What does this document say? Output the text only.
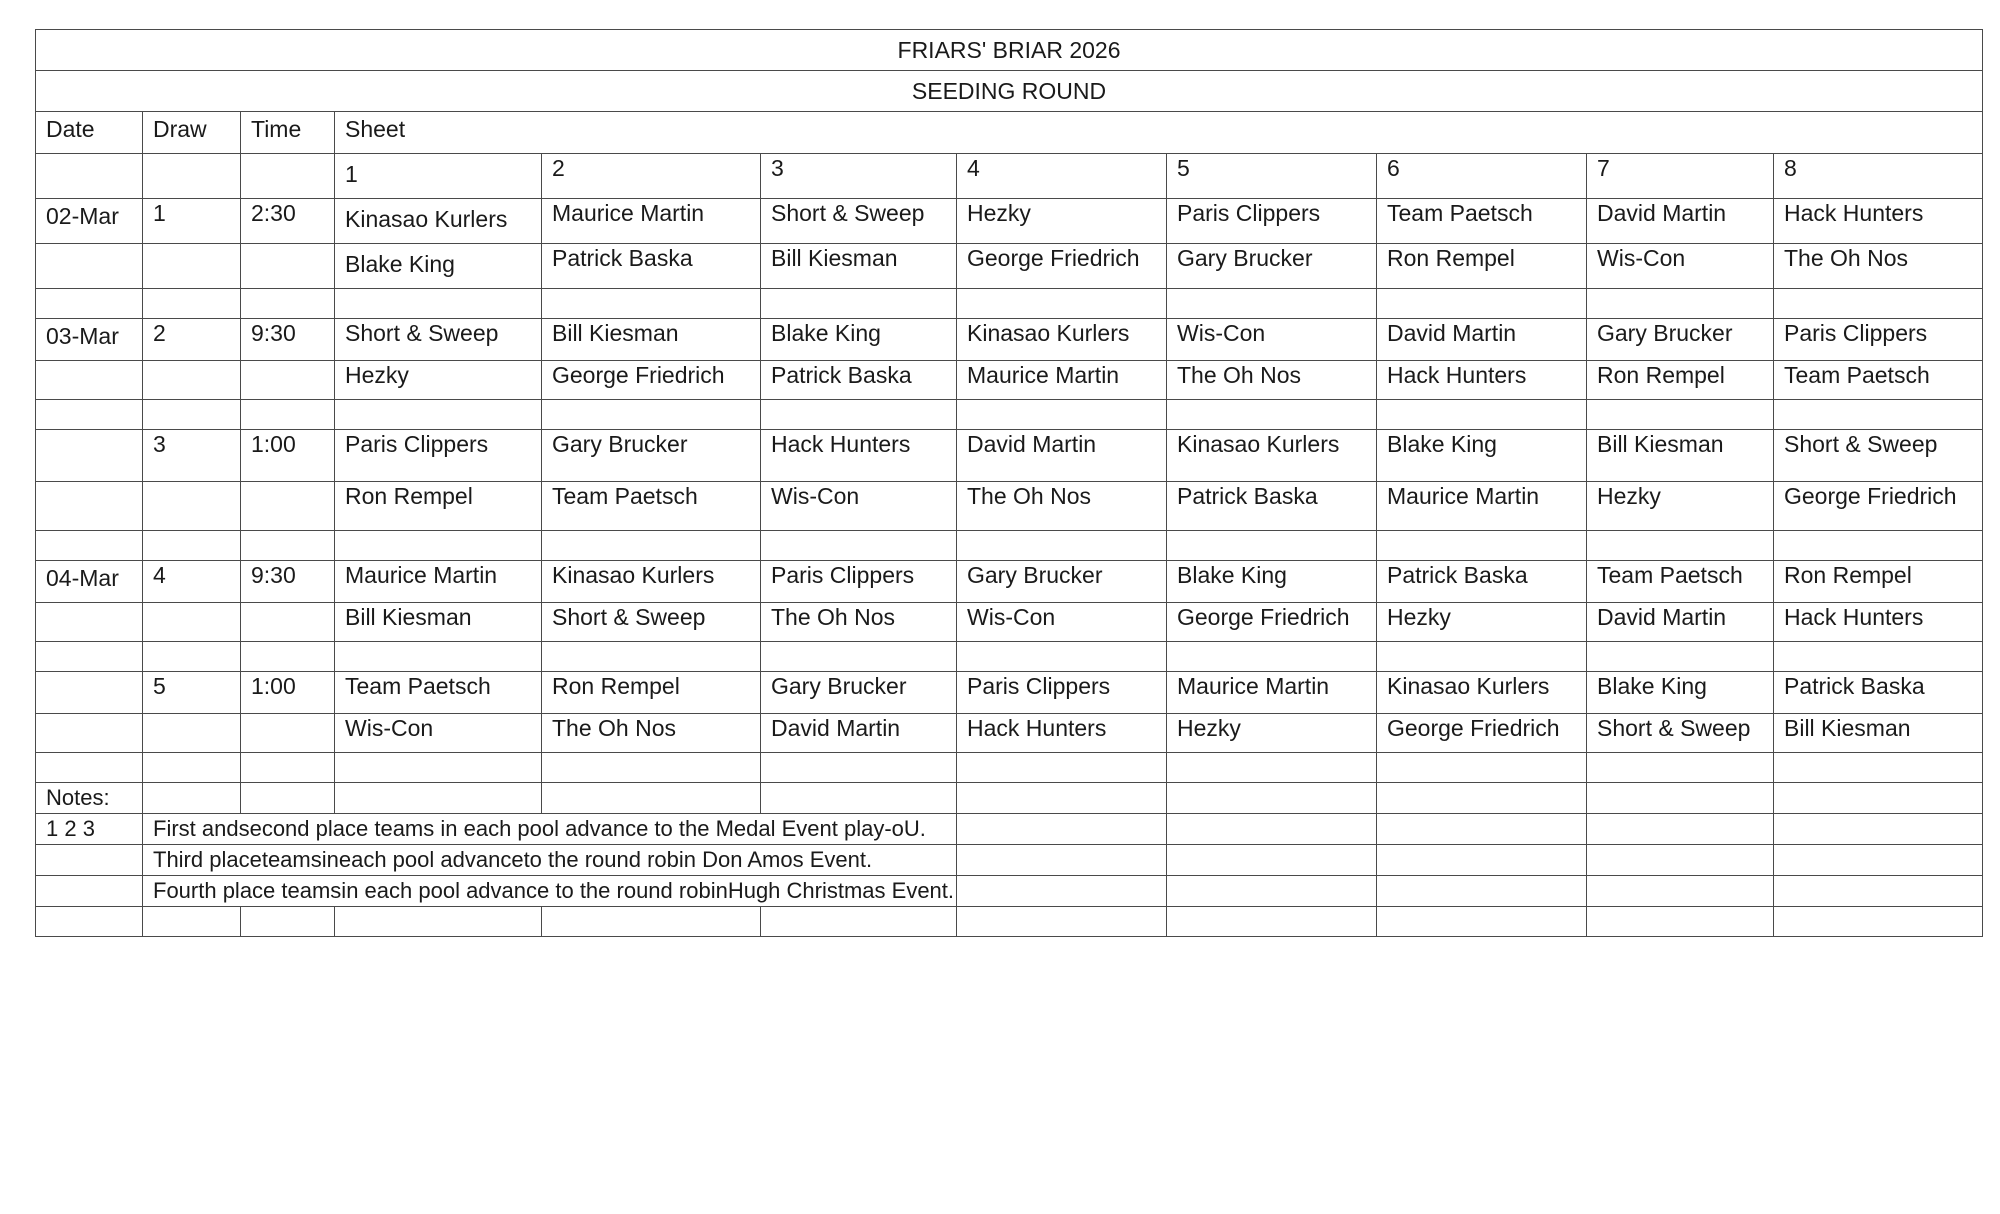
FRIARS' BRIAR 2026										
SEEDING ROUND										
Date	Draw	Time	Sheet							
			1	2	3	4	5	6	7	8
02-Mar	1	2:30	Kinasao Kurlers	Maurice Martin	Short & Sweep	Hezky	Paris Clippers	Team Paetsch	David Martin	Hack Hunters
			Blake King	Patrick Baska	Bill Kiesman	George Friedrich	Gary Brucker	Ron Rempel	Wis-Con	The Oh Nos

03-Mar	2	9:30	Short & Sweep	Bill Kiesman	Blake King	Kinasao Kurlers	Wis-Con	David Martin	Gary Brucker	Paris Clippers
			Hezky	George Friedrich	Patrick Baska	Maurice Martin	The Oh Nos	Hack Hunters	Ron Rempel	Team Paetsch

	3	1:00	Paris Clippers	Gary Brucker	Hack Hunters	David Martin	Kinasao Kurlers	Blake King	Bill Kiesman	Short & Sweep
			Ron Rempel	Team Paetsch	Wis-Con	The Oh Nos	Patrick Baska	Maurice Martin	Hezky	George Friedrich

04-Mar	4	9:30	Maurice Martin	Kinasao Kurlers	Paris Clippers	Gary Brucker	Blake King	Patrick Baska	Team Paetsch	Ron Rempel
			Bill Kiesman	Short & Sweep	The Oh Nos	Wis-Con	George Friedrich	Hezky	David Martin	Hack Hunters

	5	1:00	Team Paetsch	Ron Rempel	Gary Brucker	Paris Clippers	Maurice Martin	Kinasao Kurlers	Blake King	Patrick Baska
			Wis-Con	The Oh Nos	David Martin	Hack Hunters	Hezky	George Friedrich	Short & Sweep	Bill Kiesman

Notes:										
1 2 3	First andsecond place teams in each pool advance to the Medal Event play-oU.									
	Third placeteamsineach pool advanceto the round robin Don Amos Event.									
	Fourth place teamsin each pool advance to the round robinHugh Christmas Event.									
